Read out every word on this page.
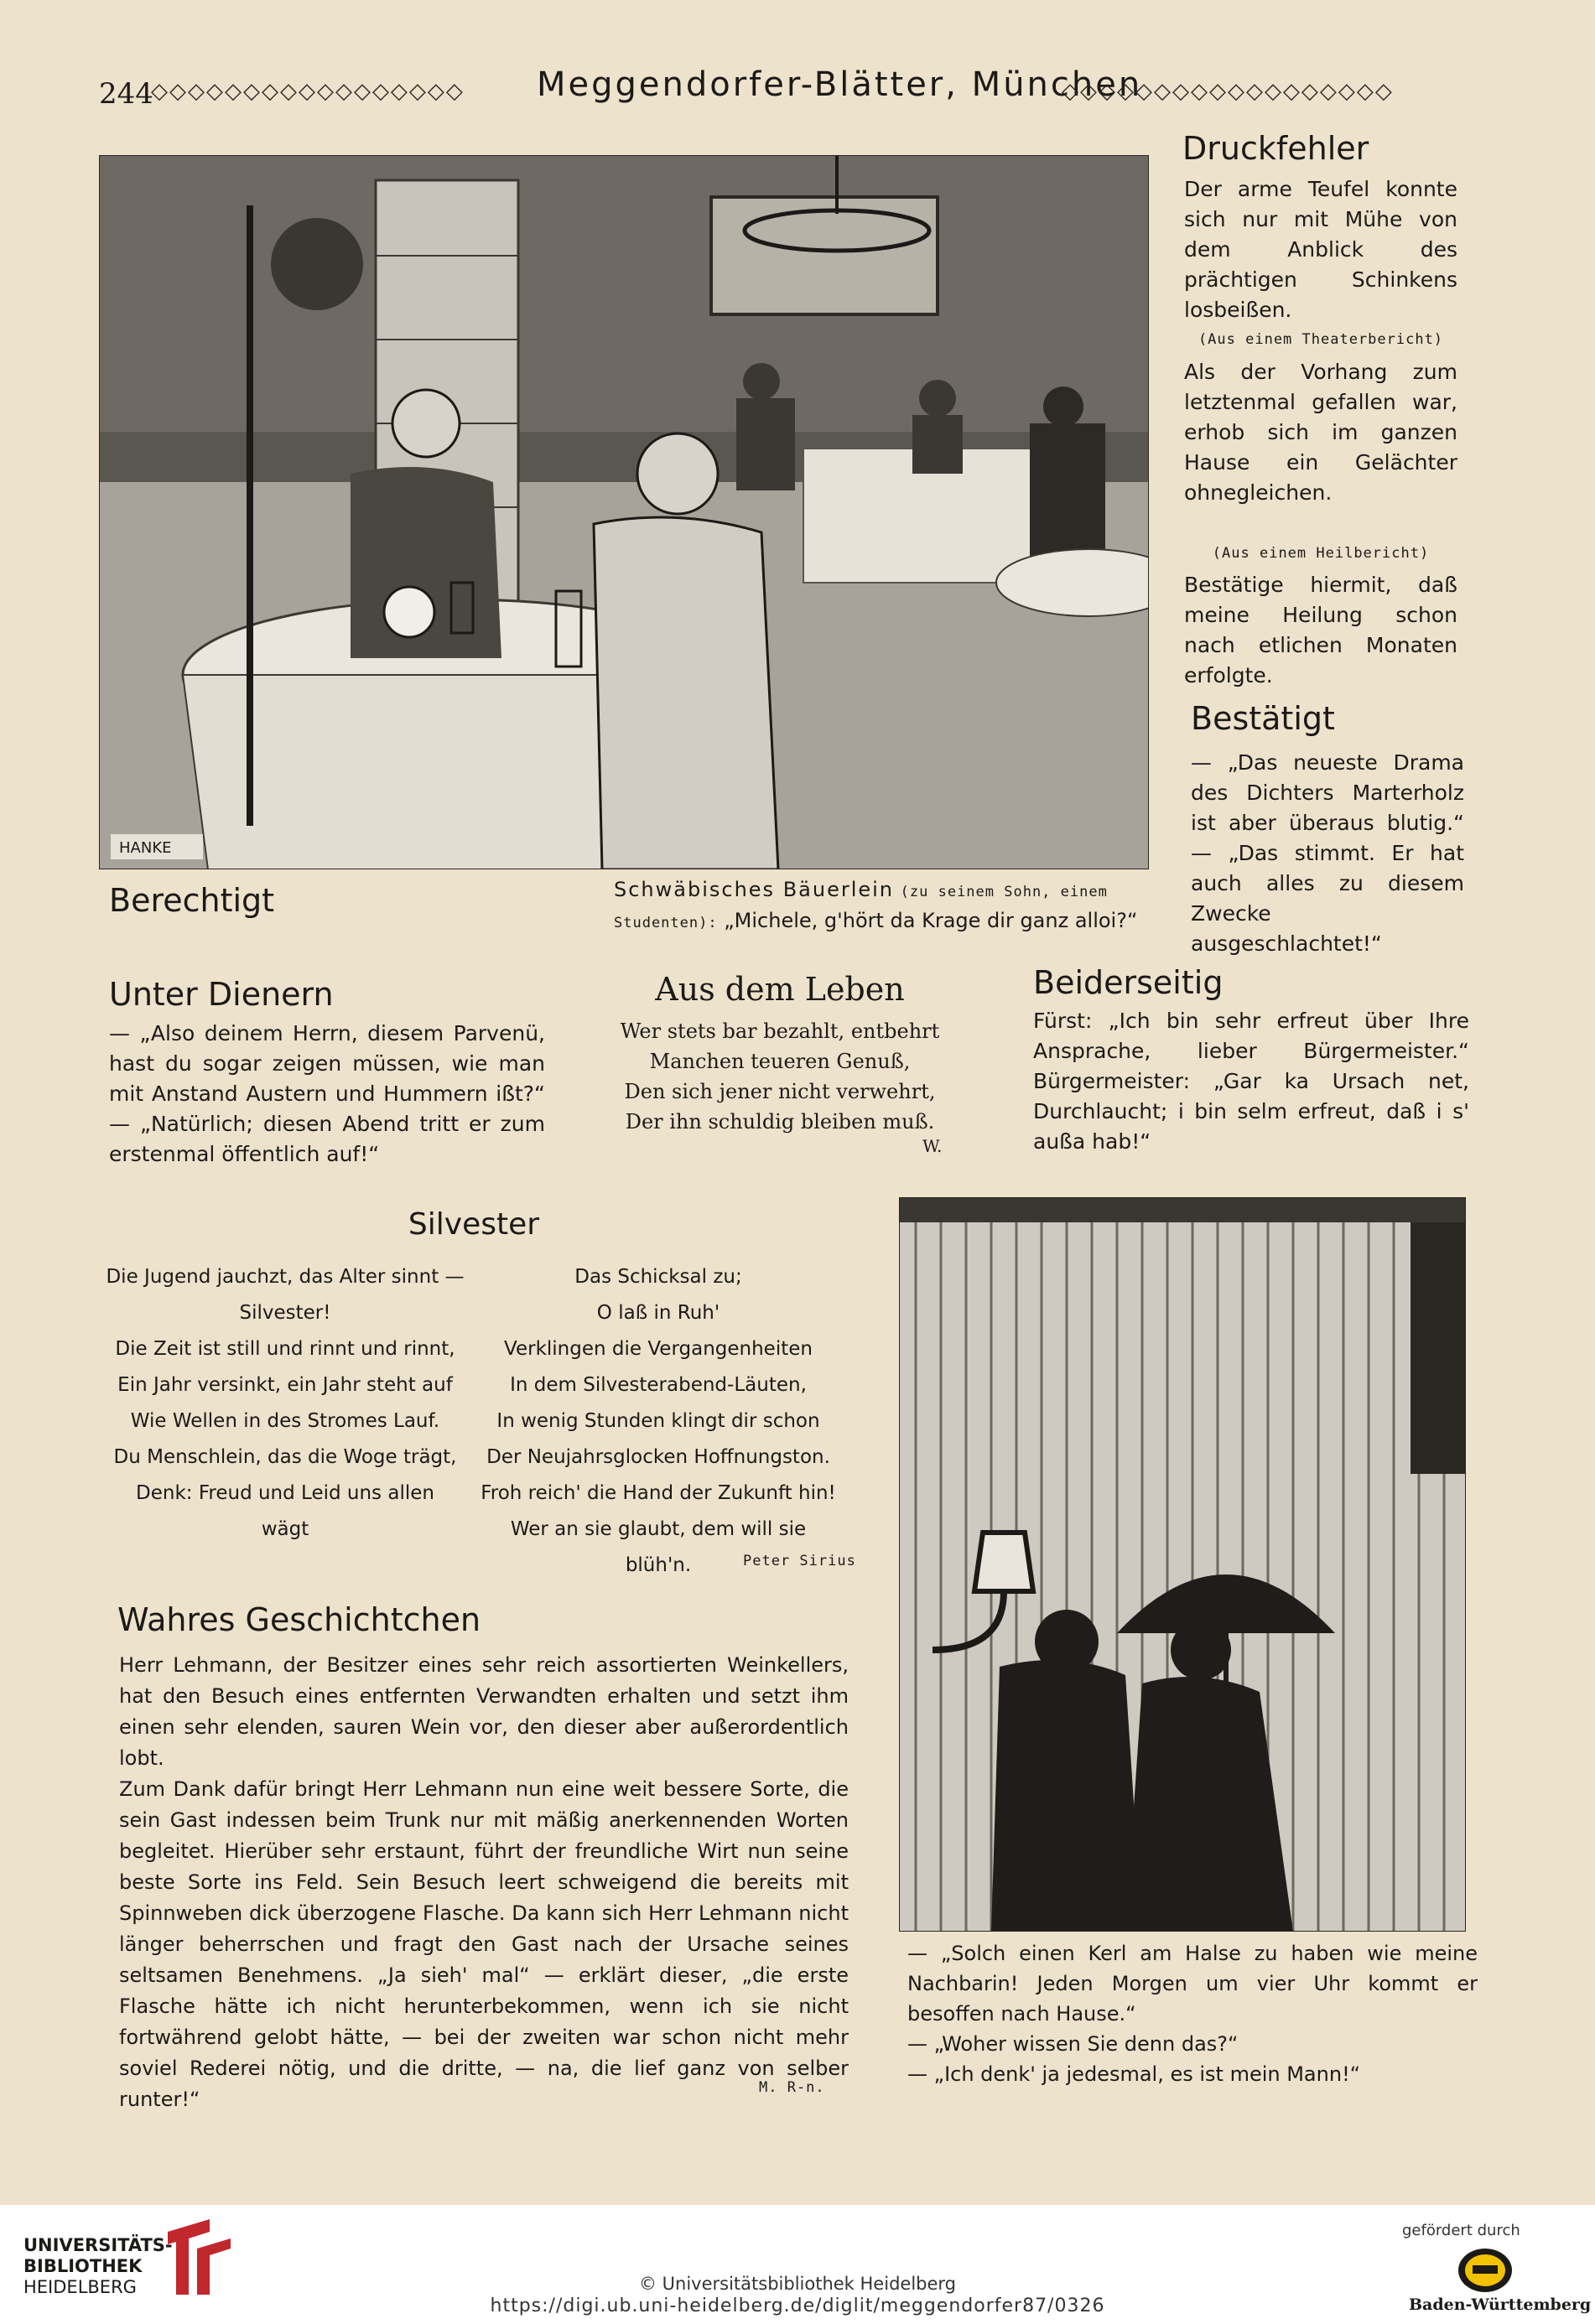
244
◇◇◇◇◇◇◇◇◇◇◇◇◇◇◇◇◇	Meggendorfer-Blätter, München
◇◇◇◇◇◇◇◇◇◇◇◇◇◇◇◇◇◇
HANKE
Berechtigt	Schwäbisches Bäuerlein (zu seinem Sohn, einem
Studenten): „Michele, g'hört da Krage dir ganz alloi?“
Druckfehler
Der arme Teufel konnte sich nur mit Mühe von dem Anblick des prächtigen Schinkens losbeißen.
(Aus einem Theaterbericht)
Als der Vorhang zum letztenmal gefallen war, erhob sich im ganzen Hause ein Gelächter ohnegleichen.
(Aus einem Heilbericht)
Bestätige hiermit, daß meine Heilung schon nach etlichen Monaten erfolgte.
Bestätigt
— „Das neueste Drama des Dichters Marterholz ist aber überaus blutig.“ — „Das stimmt. Er hat auch alles zu diesem Zwecke ausgeschlachtet!“
Unter Dienern
— „Also deinem Herrn, diesem Parvenü, hast du sogar zeigen müssen, wie man mit Anstand Austern und Hummern ißt?“ — „Natürlich; diesen Abend tritt er zum erstenmal öffentlich auf!“
Aus dem Leben
Wer stets bar bezahlt, entbehrt
Manchen teueren Genuß,
Den sich jener nicht verwehrt,
Der ihn schuldig bleiben muß.
W.
Beiderseitig
Fürst: „Ich bin sehr erfreut über Ihre Ansprache, lieber Bürgermeister.“ Bürgermeister: „Gar ka Ursach net, Durchlaucht; i bin selm erfreut, daß i s' außa hab!“
Silvester
Die Jugend jauchzt, das Alter sinnt —
Silvester!
Die Zeit ist still und rinnt und rinnt,
Ein Jahr versinkt, ein Jahr steht auf
Wie Wellen in des Stromes Lauf.
Du Menschlein, das die Woge trägt,
Denk: Freud und Leid uns allen
wägt
Das Schicksal zu;
O laß in Ruh'
Verklingen die Vergangenheiten
In dem Silvesterabend-Läuten,
In wenig Stunden klingt dir schon
Der Neujahrsglocken Hoffnungston.
Froh reich' die Hand der Zukunft hin!
Wer an sie glaubt, dem will sie blüh'n.	Peter Sirius
Wahres Geschichtchen
Herr Lehmann, der Besitzer eines sehr reich assortierten Weinkellers, hat den Besuch eines entfernten Verwandten erhalten und setzt ihm einen sehr elenden, sauren Wein vor, den dieser aber außerordentlich lobt.
Zum Dank dafür bringt Herr Lehmann nun eine weit bessere Sorte, die sein Gast indessen beim Trunk nur mit mäßig anerkennenden Worten begleitet. Hierüber sehr erstaunt, führt der freundliche Wirt nun seine beste Sorte ins Feld. Sein Besuch leert schweigend die bereits mit Spinnweben dick überzogene Flasche. Da kann sich Herr Lehmann nicht länger beherrschen und fragt den Gast nach der Ursache seines seltsamen Benehmens. „Ja sieh' mal“ — erklärt dieser, „die erste Flasche hätte ich nicht herunterbekommen, wenn ich sie nicht fortwährend gelobt hätte, — bei der zweiten war schon nicht mehr soviel Rederei nötig, und die dritte, — na, die lief ganz von selber runter!“	M. R-n.
— „Solch einen Kerl am Halse zu haben wie meine Nachbarin! Jeden Morgen um vier Uhr kommt er besoffen nach Hause.“
— „Woher wissen Sie denn das?“
— „Ich denk' ja jedesmal, es ist mein Mann!“
UNIVERSITÄTS-
BIBLIOTHEK
HEIDELBERG	© Universitätsbibliothek Heidelberg
https://digi.ub.uni-heidelberg.de/diglit/meggendorfer87/0326
gefördert durch
Baden-Württemberg
